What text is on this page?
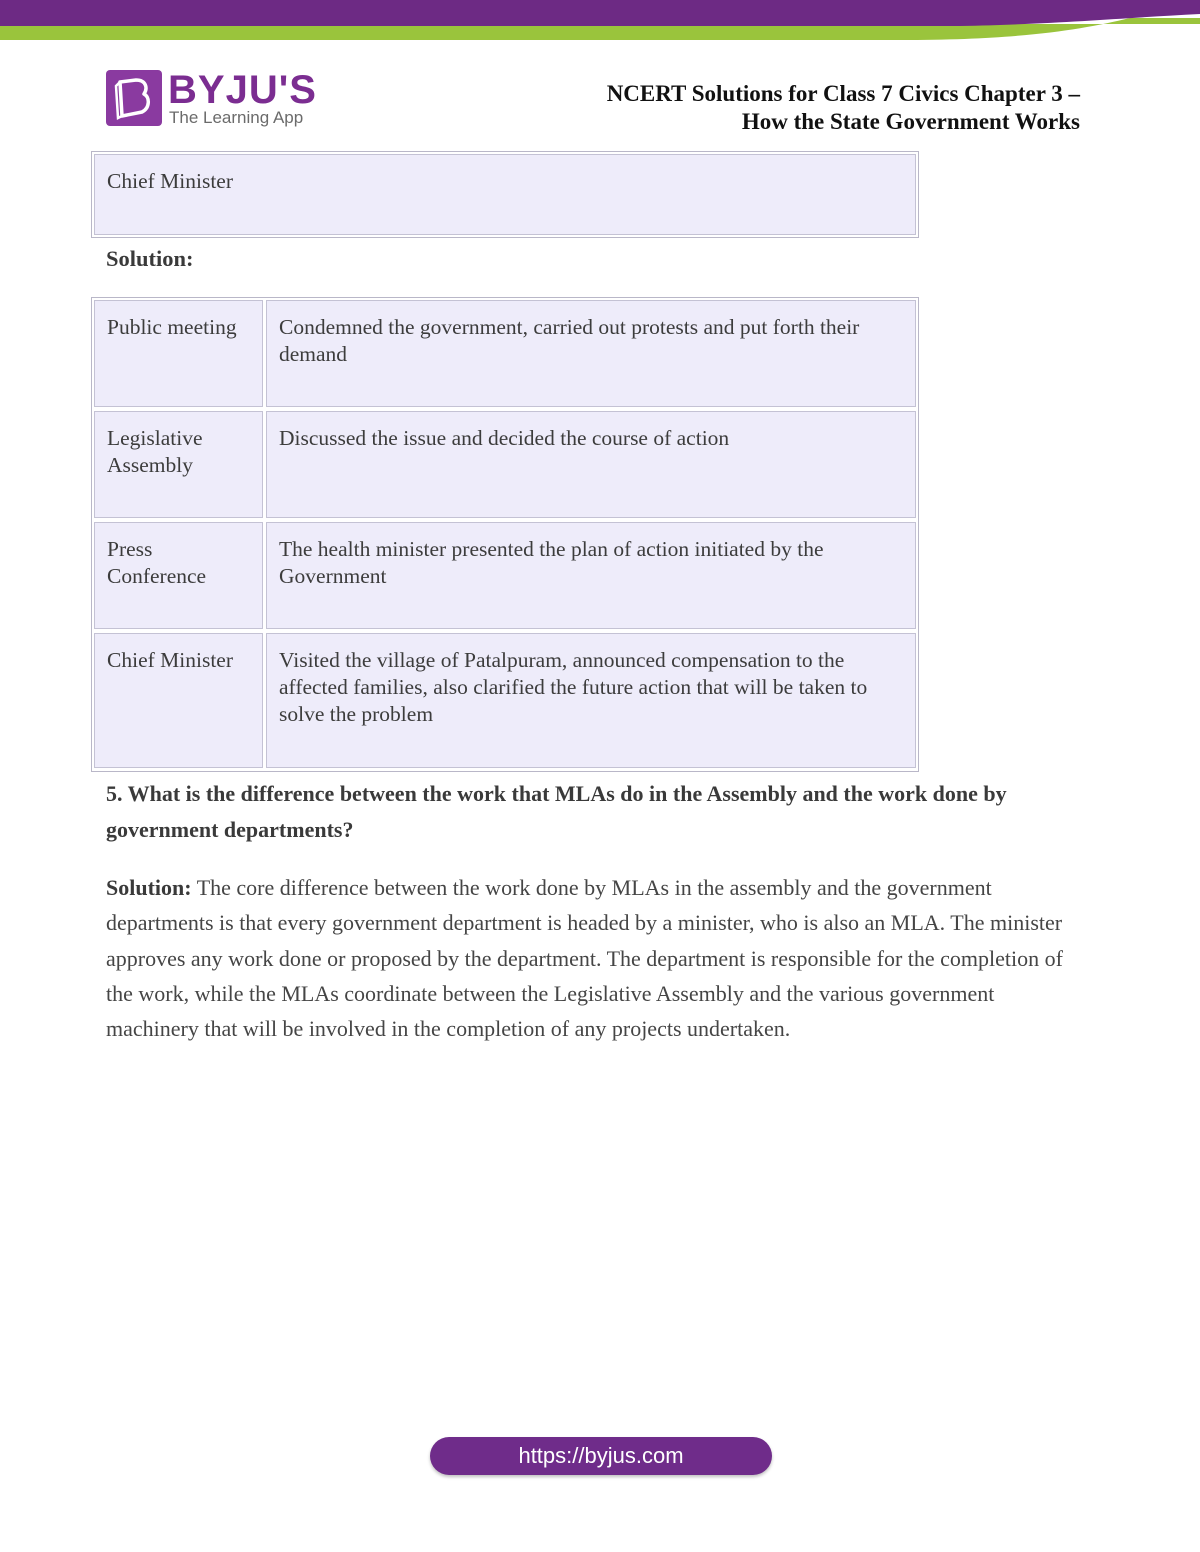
BYJU'S
The Learning App
NCERT Solutions for Class 7 Civics Chapter 3 –
How the State Government Works
Chief Minister
Solution:
Public meeting	Condemned the government, carried out protests and put forth their demand
Legislative Assembly
Discussed the issue and decided the course of action
Press Conference
The health minister presented the plan of action initiated by the Government
Chief Minister	Visited the village of Patalpuram, announced compensation to the affected families, also clarified the future action that will be taken to solve the problem
5. What is the difference between the work that MLAs do in the Assembly and the work done by government departments?
Solution: The core difference between the work done by MLAs in the assembly and the government departments is that every government department is headed by a minister, who is also an MLA. The minister approves any work done or proposed by the department. The department is responsible for the completion of the work, while the MLAs coordinate between the Legislative Assembly and the various government machinery that will be involved in the completion of any projects undertaken.
https://byjus.com
